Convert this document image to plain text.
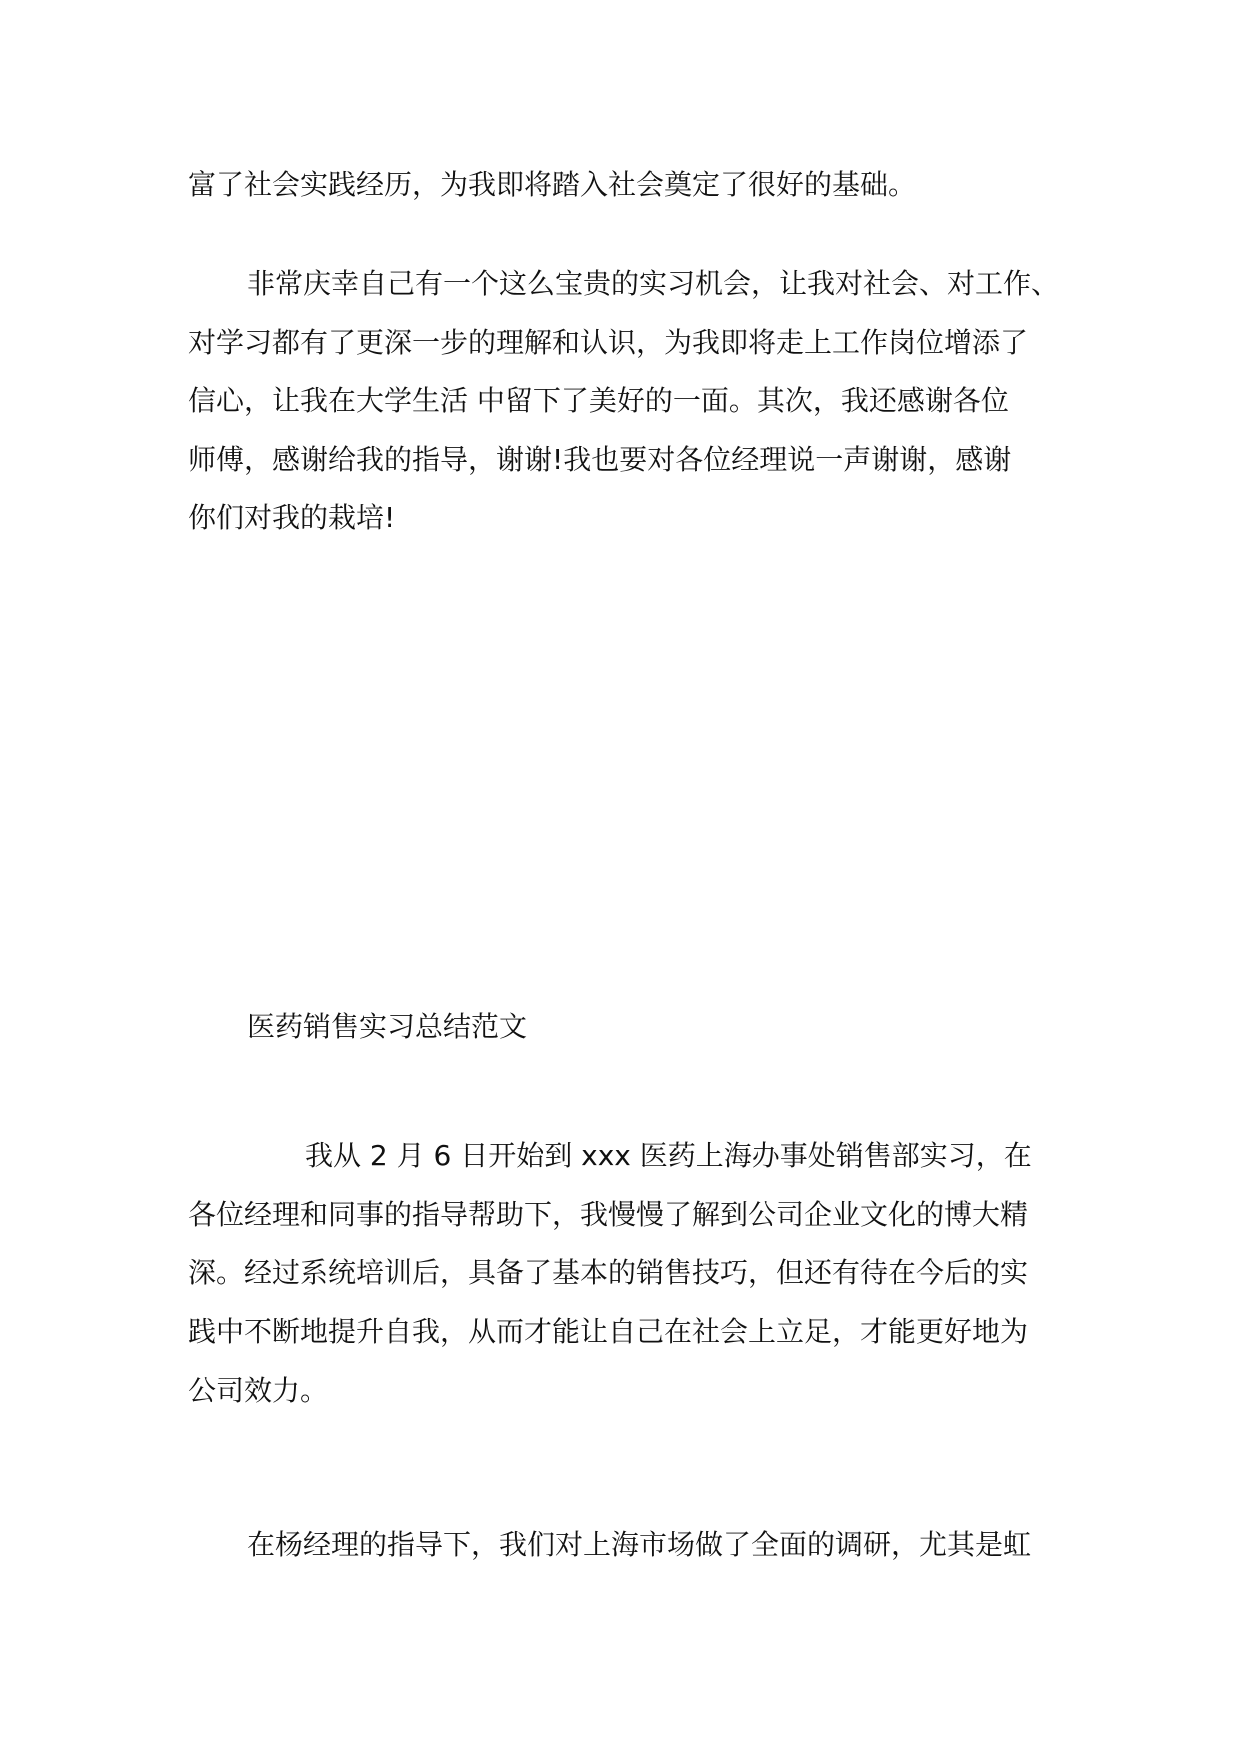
富了社会实践经历，为我即将踏入社会奠定了很好的基础。
非常庆幸自己有一个这么宝贵的实习机会，让我对社会、对工作、
对学习都有了更深一步的理解和认识，为我即将走上工作岗位增添了
信心，让我在大学生活 中留下了美好的一面。其次，我还感谢各位
师傅，感谢给我的指导，谢谢!我也要对各位经理说一声谢谢，感谢
你们对我的栽培!
医药销售实习总结范文
我从 2 月 6 日开始到 xxx 医药上海办事处销售部实习，在
各位经理和同事的指导帮助下，我慢慢了解到公司企业文化的博大精
深。经过系统培训后，具备了基本的销售技巧，但还有待在今后的实
践中不断地提升自我，从而才能让自己在社会上立足，才能更好地为
公司效力。
在杨经理的指导下，我们对上海市场做了全面的调研，尤其是虹
